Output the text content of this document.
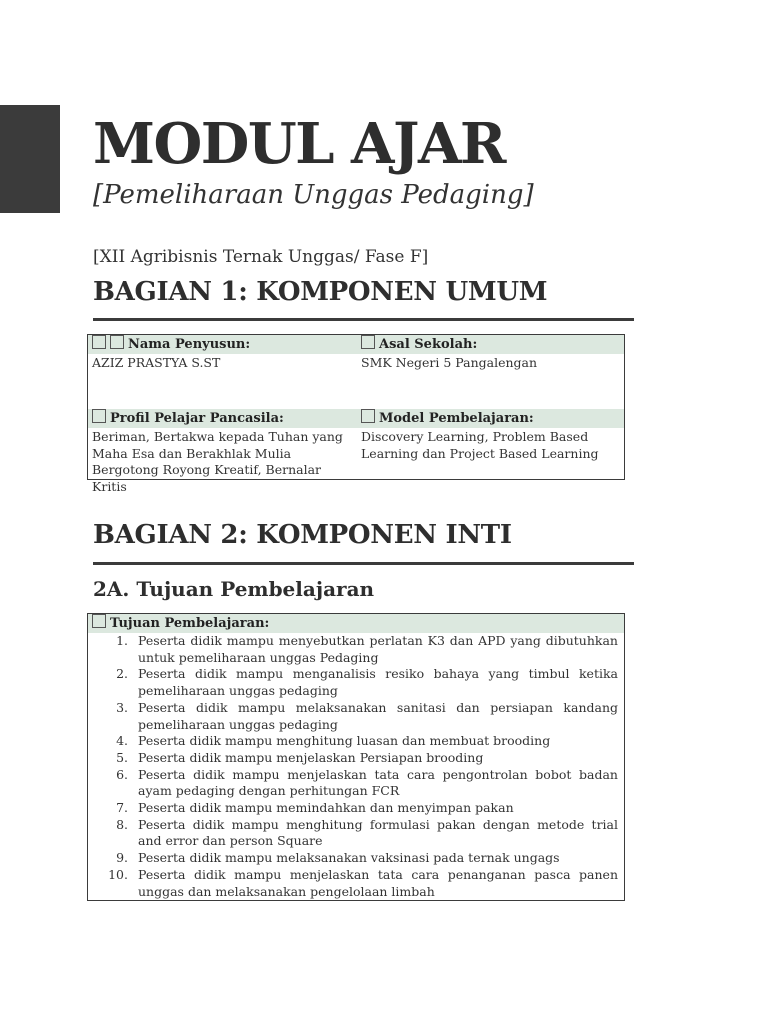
MODUL AJAR

[Pemeliharaan Unggas Pedaging]

[XII Agribisnis Ternak Unggas/ Fase F]

BAGIAN 1: KOMPONEN UMUM
Nama Penyusun:
AZIZ PRASTYA S.ST
Asal Sekolah:
SMK Negeri 5 Pangalengan
Profil Pelajar Pancasila:
Beriman, Bertakwa kepada Tuhan yang Maha Esa dan Berakhlak Mulia Bergotong Royong Kreatif, Bernalar Kritis
Model Pembelajaran:
Discovery Learning, Problem Based Learning dan Project Based Learning
BAGIAN 2: KOMPONEN INTI
2A. Tujuan Pembelajaran
Tujuan Pembelajaran:
1. Peserta didik mampu menyebutkan perlatan K3 dan APD yang dibutuhkan untuk pemeliharaan unggas Pedaging
2. Peserta didik mampu menganalisis resiko bahaya yang timbul ketika pemeliharaan unggas pedaging
3. Peserta didik mampu melaksanakan sanitasi dan persiapan kandang pemeliharaan unggas pedaging
4. Peserta didik mampu menghitung luasan dan membuat brooding
5. Peserta didik mampu menjelaskan Persiapan brooding
6. Peserta didik mampu menjelaskan tata cara pengontrolan bobot badan ayam pedaging dengan perhitungan FCR
7. Peserta didik mampu memindahkan dan menyimpan pakan
8. Peserta didik mampu menghitung formulasi pakan dengan metode trial and error dan person Square
9. Peserta didik mampu melaksanakan vaksinasi pada ternak ungags
10. Peserta didik mampu menjelaskan tata cara penanganan pasca panen unggas dan melaksanakan pengelolaan limbah
